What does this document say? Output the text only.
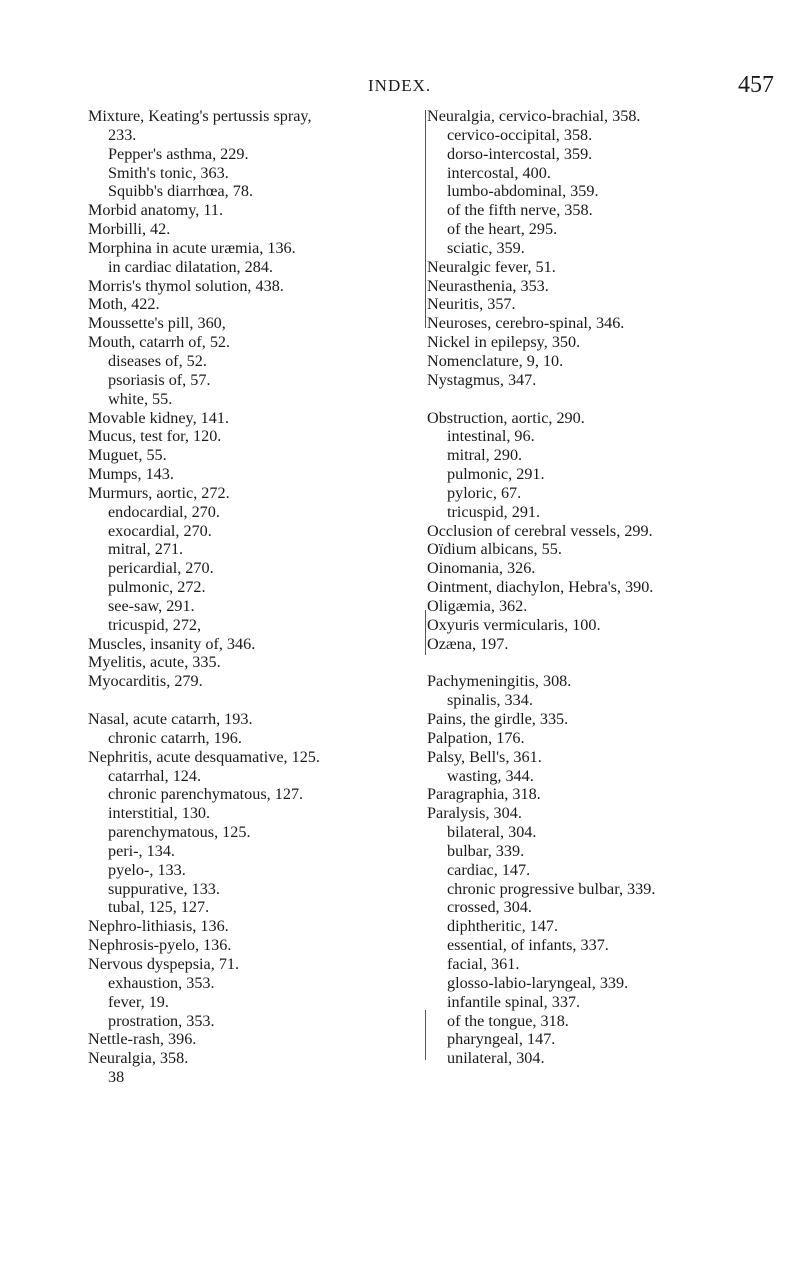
INDEX.	457
Mixture, Keating's pertussis spray,
233.
Pepper's asthma, 229.
Smith's tonic, 363.
Squibb's diarrhœa, 78.
Morbid anatomy, 11.
Morbilli, 42.
Morphina in acute uræmia, 136.
in cardiac dilatation, 284.
Morris's thymol solution, 438.
Moth, 422.
Moussette's pill, 360,
Mouth, catarrh of, 52.
diseases of, 52.
psoriasis of, 57.
white, 55.
Movable kidney, 141.
Mucus, test for, 120.
Muguet, 55.
Mumps, 143.
Murmurs, aortic, 272.
endocardial, 270.
exocardial, 270.
mitral, 271.
pericardial, 270.
pulmonic, 272.
see-saw, 291.
tricuspid, 272,
Muscles, insanity of, 346.
Myelitis, acute, 335.
Myocarditis, 279.
Nasal, acute catarrh, 193.
chronic catarrh, 196.
Nephritis, acute desquamative, 125.
catarrhal, 124.
chronic parenchymatous, 127.
interstitial, 130.
parenchymatous, 125.
peri-, 134.
pyelo-, 133.
suppurative, 133.
tubal, 125, 127.
Nephro-lithiasis, 136.
Nephrosis-pyelo, 136.
Nervous dyspepsia, 71.
exhaustion, 353.
fever, 19.
prostration, 353.
Nettle-rash, 396.
Neuralgia, 358.
38
Neuralgia, cervico-brachial, 358.
cervico-occipital, 358.
dorso-intercostal, 359.
intercostal, 400.
lumbo-abdominal, 359.
of the fifth nerve, 358.
of the heart, 295.
sciatic, 359.
Neuralgic fever, 51.
Neurasthenia, 353.
Neuritis, 357.
Neuroses, cerebro-spinal, 346.
Nickel in epilepsy, 350.
Nomenclature, 9, 10.
Nystagmus, 347.
Obstruction, aortic, 290.
intestinal, 96.
mitral, 290.
pulmonic, 291.
pyloric, 67.
tricuspid, 291.
Occlusion of cerebral vessels, 299.
Oïdium albicans, 55.
Oinomania, 326.
Ointment, diachylon, Hebra's, 390.
Oligæmia, 362.
Oxyuris vermicularis, 100.
Ozæna, 197.
Pachymeningitis, 308.
spinalis, 334.
Pains, the girdle, 335.
Palpation, 176.
Palsy, Bell's, 361.
wasting, 344.
Paragraphia, 318.
Paralysis, 304.
bilateral, 304.
bulbar, 339.
cardiac, 147.
chronic progressive bulbar, 339.
crossed, 304.
diphtheritic, 147.
essential, of infants, 337.
facial, 361.
glosso-labio-laryngeal, 339.
infantile spinal, 337.
of the tongue, 318.
pharyngeal, 147.
unilateral, 304.
